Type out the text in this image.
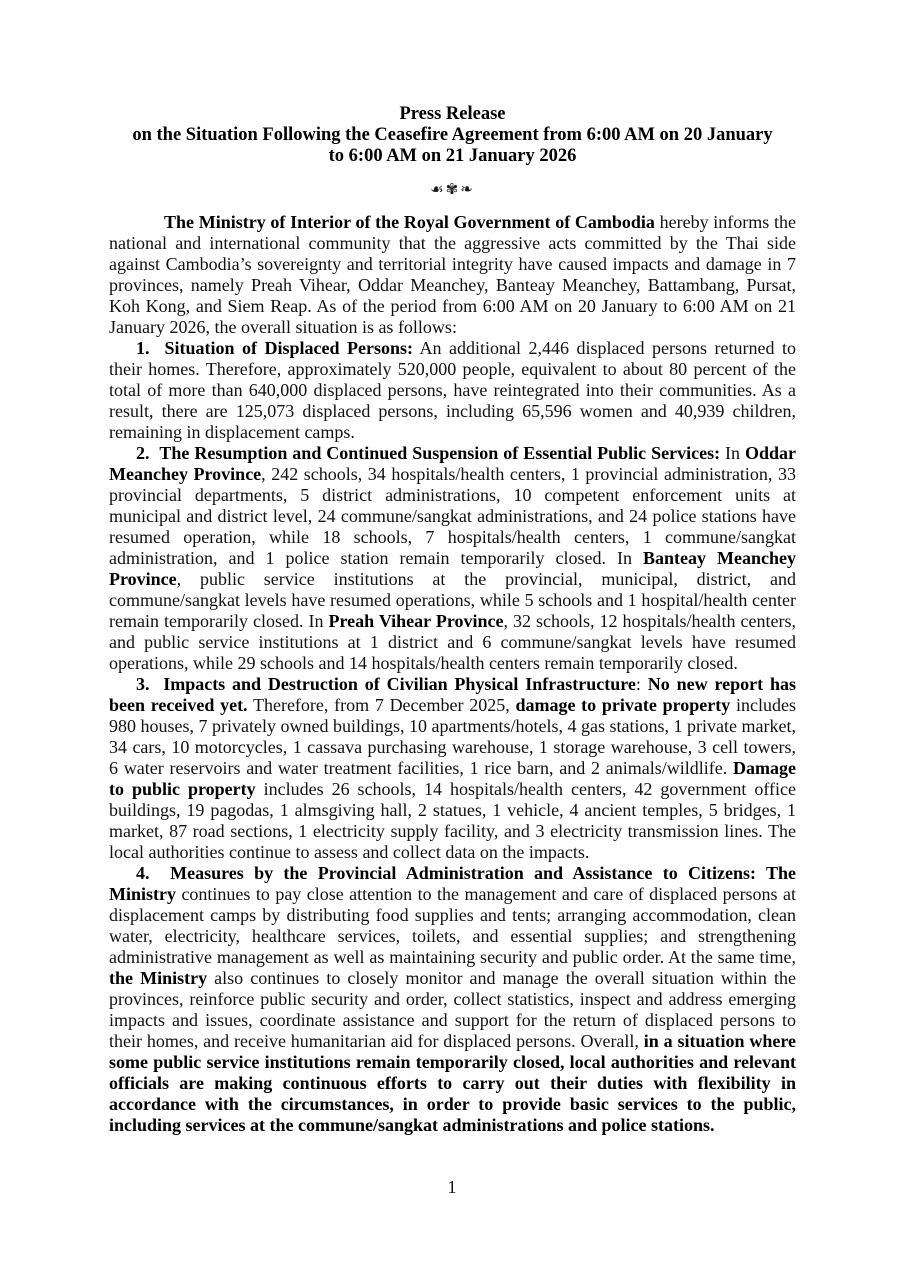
Press Release
on the Situation Following the Ceasefire Agreement from 6:00 AM on 20 January
to 6:00 AM on 21 January 2026
☙✾❧

The Ministry of Interior of the Royal Government of Cambodia hereby informs the national and international community that the aggressive acts committed by the Thai side against Cambodia’s sovereignty and territorial integrity have caused impacts and damage in 7 provinces, namely Preah Vihear, Oddar Meanchey, Banteay Meanchey, Battambang, Pursat, Koh Kong, and Siem Reap. As of the period from 6:00 AM on 20 January to 6:00 AM on 21 January 2026, the overall situation is as follows:

1.  Situation of Displaced Persons: An additional 2,446 displaced persons returned to their homes. Therefore, approximately 520,000 people, equivalent to about 80 percent of the total of more than 640,000 displaced persons, have reintegrated into their communities. As a result, there are 125,073 displaced persons, including 65,596 women and 40,939 children, remaining in displacement camps.

2.  The Resumption and Continued Suspension of Essential Public Services: In Oddar Meanchey Province, 242 schools, 34 hospitals/health centers, 1 provincial administration, 33 provincial departments, 5 district administrations, 10 competent enforcement units at municipal and district level, 24 commune/sangkat administrations, and 24 police stations have resumed operation, while 18 schools, 7 hospitals/health centers, 1 commune/sangkat administration, and 1 police station remain temporarily closed. In Banteay Meanchey Province, public service institutions at the provincial, municipal, district, and commune/sangkat levels have resumed operations, while 5 schools and 1 hospital/health center remain temporarily closed. In Preah Vihear Province, 32 schools, 12 hospitals/health centers, and public service institutions at 1 district and 6 commune/sangkat levels have resumed operations, while 29 schools and 14 hospitals/health centers remain temporarily closed.

3.  Impacts and Destruction of Civilian Physical Infrastructure: No new report has been received yet. Therefore, from 7 December 2025, damage to private property includes 980 houses, 7 privately owned buildings, 10 apartments/hotels, 4 gas stations, 1 private market, 34 cars, 10 motorcycles, 1 cassava purchasing warehouse, 1 storage warehouse, 3 cell towers, 6 water reservoirs and water treatment facilities, 1 rice barn, and 2 animals/wildlife. Damage to public property includes 26 schools, 14 hospitals/health centers, 42 government office buildings, 19 pagodas, 1 almsgiving hall, 2 statues, 1 vehicle, 4 ancient temples, 5 bridges, 1 market, 87 road sections, 1 electricity supply facility, and 3 electricity transmission lines. The local authorities continue to assess and collect data on the impacts.

4.  Measures by the Provincial Administration and Assistance to Citizens: The Ministry continues to pay close attention to the management and care of displaced persons at displacement camps by distributing food supplies and tents; arranging accommodation, clean water, electricity, healthcare services, toilets, and essential supplies; and strengthening administrative management as well as maintaining security and public order. At the same time, the Ministry also continues to closely monitor and manage the overall situation within the provinces, reinforce public security and order, collect statistics, inspect and address emerging impacts and issues, coordinate assistance and support for the return of displaced persons to their homes, and receive humanitarian aid for displaced persons. Overall, in a situation where some public service institutions remain temporarily closed, local authorities and relevant officials are making continuous efforts to carry out their duties with flexibility in accordance with the circumstances, in order to provide basic services to the public, including services at the commune/sangkat administrations and police stations.

1
